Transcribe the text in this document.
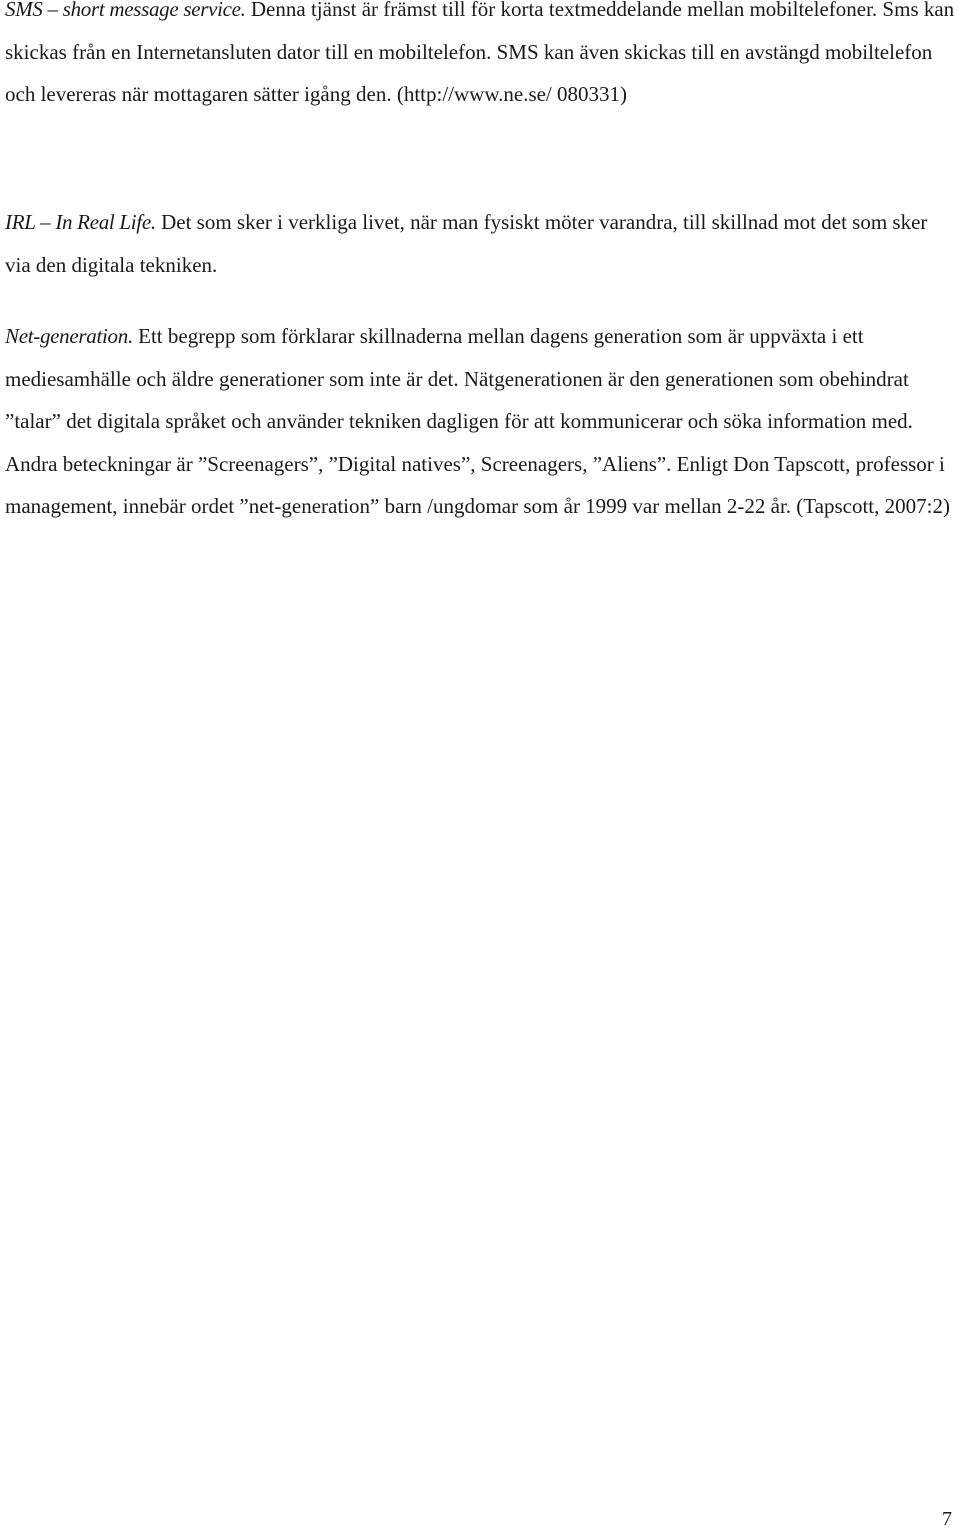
SMS – short message service. Denna tjänst är främst till för korta textmeddelande mellan mobiltelefoner. Sms kan skickas från en Internetansluten dator till en mobiltelefon. SMS kan även skickas till en avstängd mobiltelefon och levereras när mottagaren sätter igång den. (http://www.ne.se/ 080331)

IRL – In Real Life. Det som sker i verkliga livet, när man fysiskt möter varandra, till skillnad mot det som sker via den digitala tekniken.

Net-generation. Ett begrepp som förklarar skillnaderna mellan dagens generation som är uppväxta i ett mediesamhälle och äldre generationer som inte är det. Nätgenerationen är den generationen som obehindrat ”talar” det digitala språket och använder tekniken dagligen för att kommunicerar och söka information med. Andra beteckningar är ”Screenagers”, ”Digital natives”, Screenagers, ”Aliens”. Enligt Don Tapscott, professor i management, innebär ordet ”net-generation” barn /ungdomar som år 1999 var mellan 2-22 år. (Tapscott, 2007:2)

7
